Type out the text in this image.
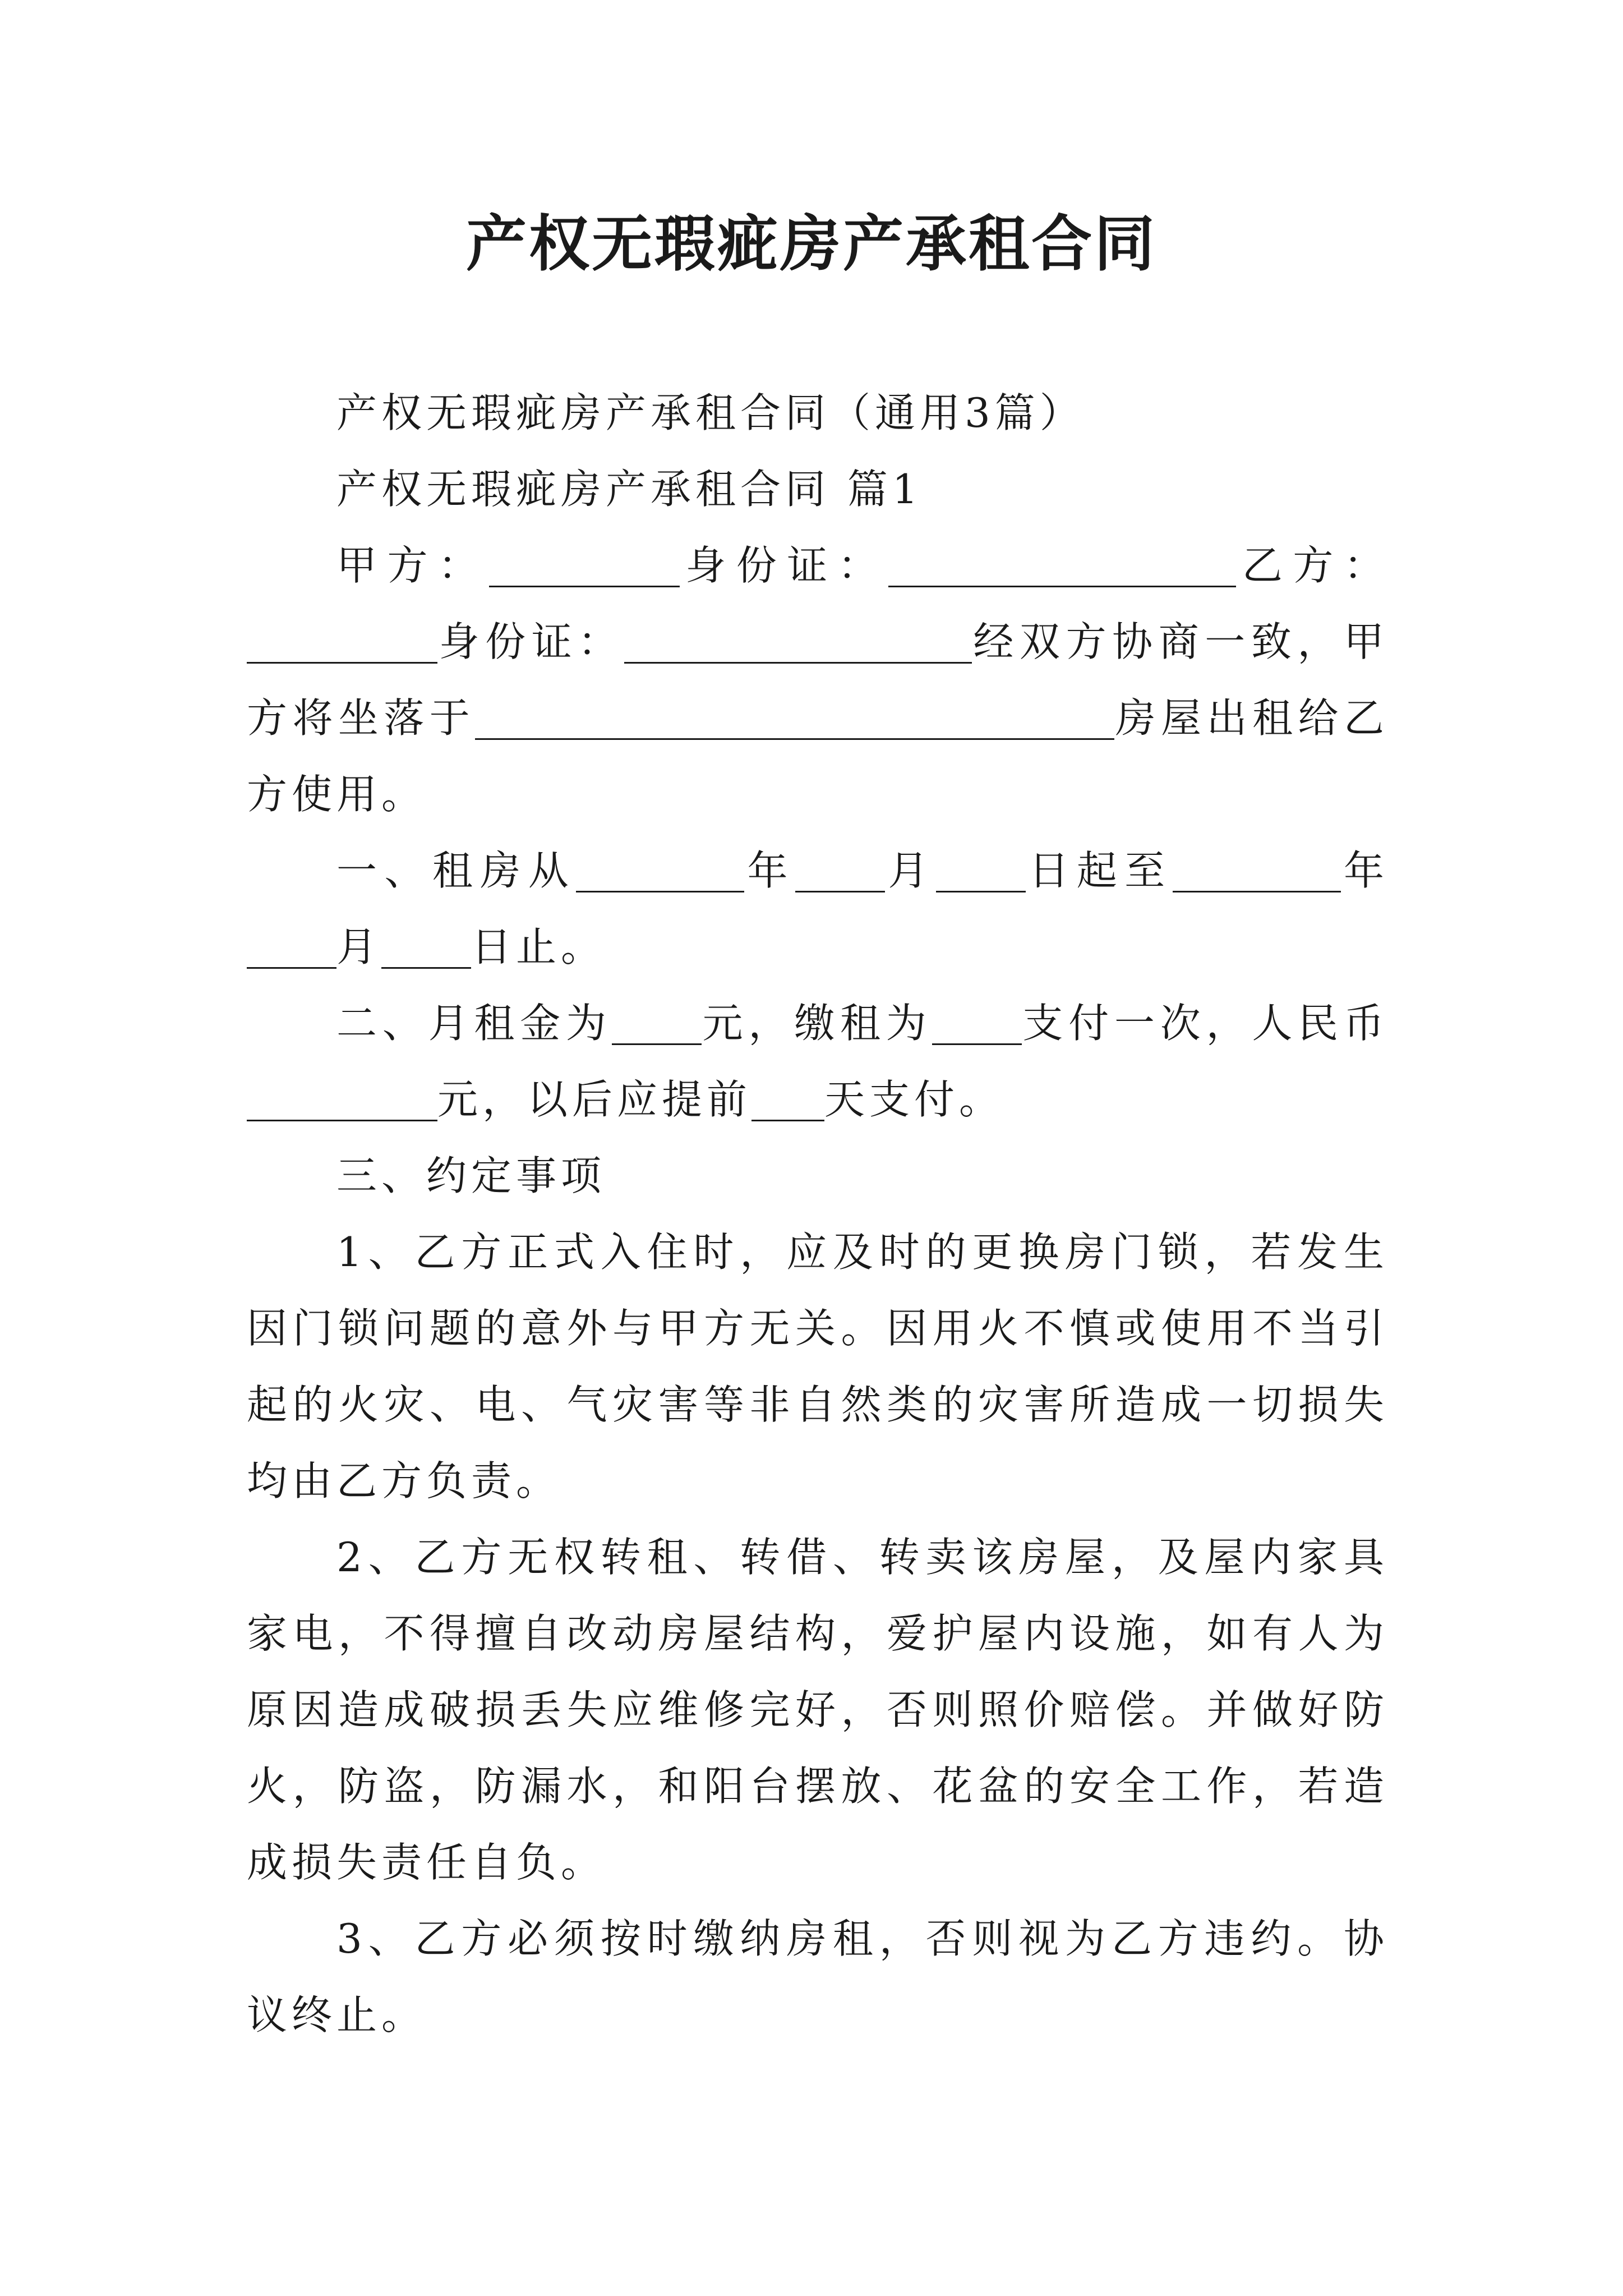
产权无瑕疵房产承租合同

产权无瑕疵房产承租合同（通用3篇）

产权无瑕疵房产承租合同 篇1

甲方：	身份证：	乙方：身份证：	经双方协商一致，甲方将坐落于	房屋出租给乙方使用。

一、租房从	年 月 日起至	年月 日止。

二、月租金为 元，缴租为 支付一次，人民币元，以后应提前 天支付。

三、约定事项

1、乙方正式入住时，应及时的更换房门锁，若发生因门锁问题的意外与甲方无关。因用火不慎或使用不当引起的火灾、电、气灾害等非自然类的灾害所造成一切损失均由乙方负责。

2、乙方无权转租、转借、转卖该房屋，及屋内家具家电，不得擅自改动房屋结构，爱护屋内设施，如有人为原因造成破损丢失应维修完好，否则照价赔偿。并做好防火，防盗，防漏水，和阳台摆放、花盆的安全工作，若造成损失责任自负。

3、乙方必须按时缴纳房租，否则视为乙方违约。协议终止。
